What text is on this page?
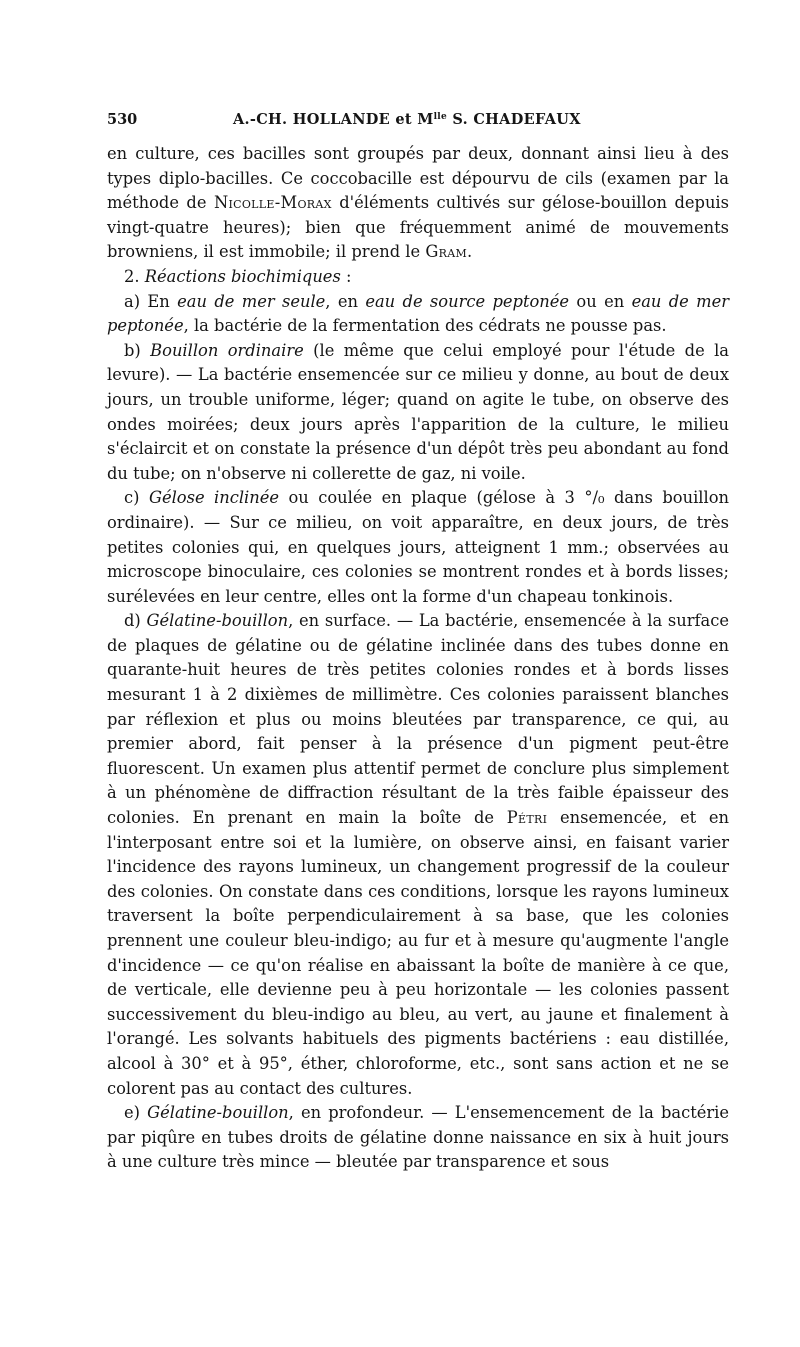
530	A.-CH. HOLLANDE et $M^{lle}$ S. CHADEFAUX

en culture, ces bacilles sont groupés par deux, donnant ainsi lieu à des types diplo-bacilles. Ce coccobacille est dépourvu de cils (examen par la méthode de Nicolle-Morax d'éléments cultivés sur gélose-bouillon depuis vingt-quatre heures); bien que fréquemment animé de mouvements browniens, il est immobile; il prend le Gram.

2. Réactions biochimiques :

a) En eau de mer seule, en eau de source peptonée ou en eau de mer peptonée, la bactérie de la fermentation des cédrats ne pousse pas.

b) Bouillon ordinaire (le même que celui employé pour l'étude de la levure). — La bactérie ensemencée sur ce milieu y donne, au bout de deux jours, un trouble uniforme, léger; quand on agite le tube, on observe des ondes moirées; deux jours après l'apparition de la culture, le milieu s'éclaircit et on constate la présence d'un dépôt très peu abondant au fond du tube; on n'observe ni collerette de gaz, ni voile.

c) Gélose inclinée ou coulée en plaque (gélose à 3 °/₀ dans bouillon ordinaire). — Sur ce milieu, on voit apparaître, en deux jours, de très petites colonies qui, en quelques jours, atteignent 1 mm.; observées au microscope binoculaire, ces colonies se montrent rondes et à bords lisses; surélevées en leur centre, elles ont la forme d'un chapeau tonkinois.

d) Gélatine-bouillon, en surface. — La bactérie, ensemencée à la surface de plaques de gélatine ou de gélatine inclinée dans des tubes donne en quarante-huit heures de très petites colonies rondes et à bords lisses mesurant 1 à 2 dixièmes de millimètre. Ces colonies paraissent blanches par réflexion et plus ou moins bleutées par transparence, ce qui, au premier abord, fait penser à la présence d'un pigment peut-être fluorescent. Un examen plus attentif permet de conclure plus simplement à un phénomène de diffraction résultant de la très faible épaisseur des colonies. En prenant en main la boîte de Pétri ensemencée, et en l'interposant entre soi et la lumière, on observe ainsi, en faisant varier l'incidence des rayons lumineux, un changement progressif de la couleur des colonies. On constate dans ces conditions, lorsque les rayons lumineux traversent la boîte perpendiculairement à sa base, que les colonies prennent une couleur bleu-indigo; au fur et à mesure qu'augmente l'angle d'incidence — ce qu'on réalise en abaissant la boîte de manière à ce que, de verticale, elle devienne peu à peu horizontale — les colonies passent successivement du bleu-indigo au bleu, au vert, au jaune et finalement à l'orangé. Les solvants habituels des pigments bactériens : eau distillée, alcool à 30° et à 95°, éther, chloroforme, etc., sont sans action et ne se colorent pas au contact des cultures.

e) Gélatine-bouillon, en profondeur. — L'ensemencement de la bactérie par piqûre en tubes droits de gélatine donne naissance en six à huit jours à une culture très mince — bleutée par transparence et sous
